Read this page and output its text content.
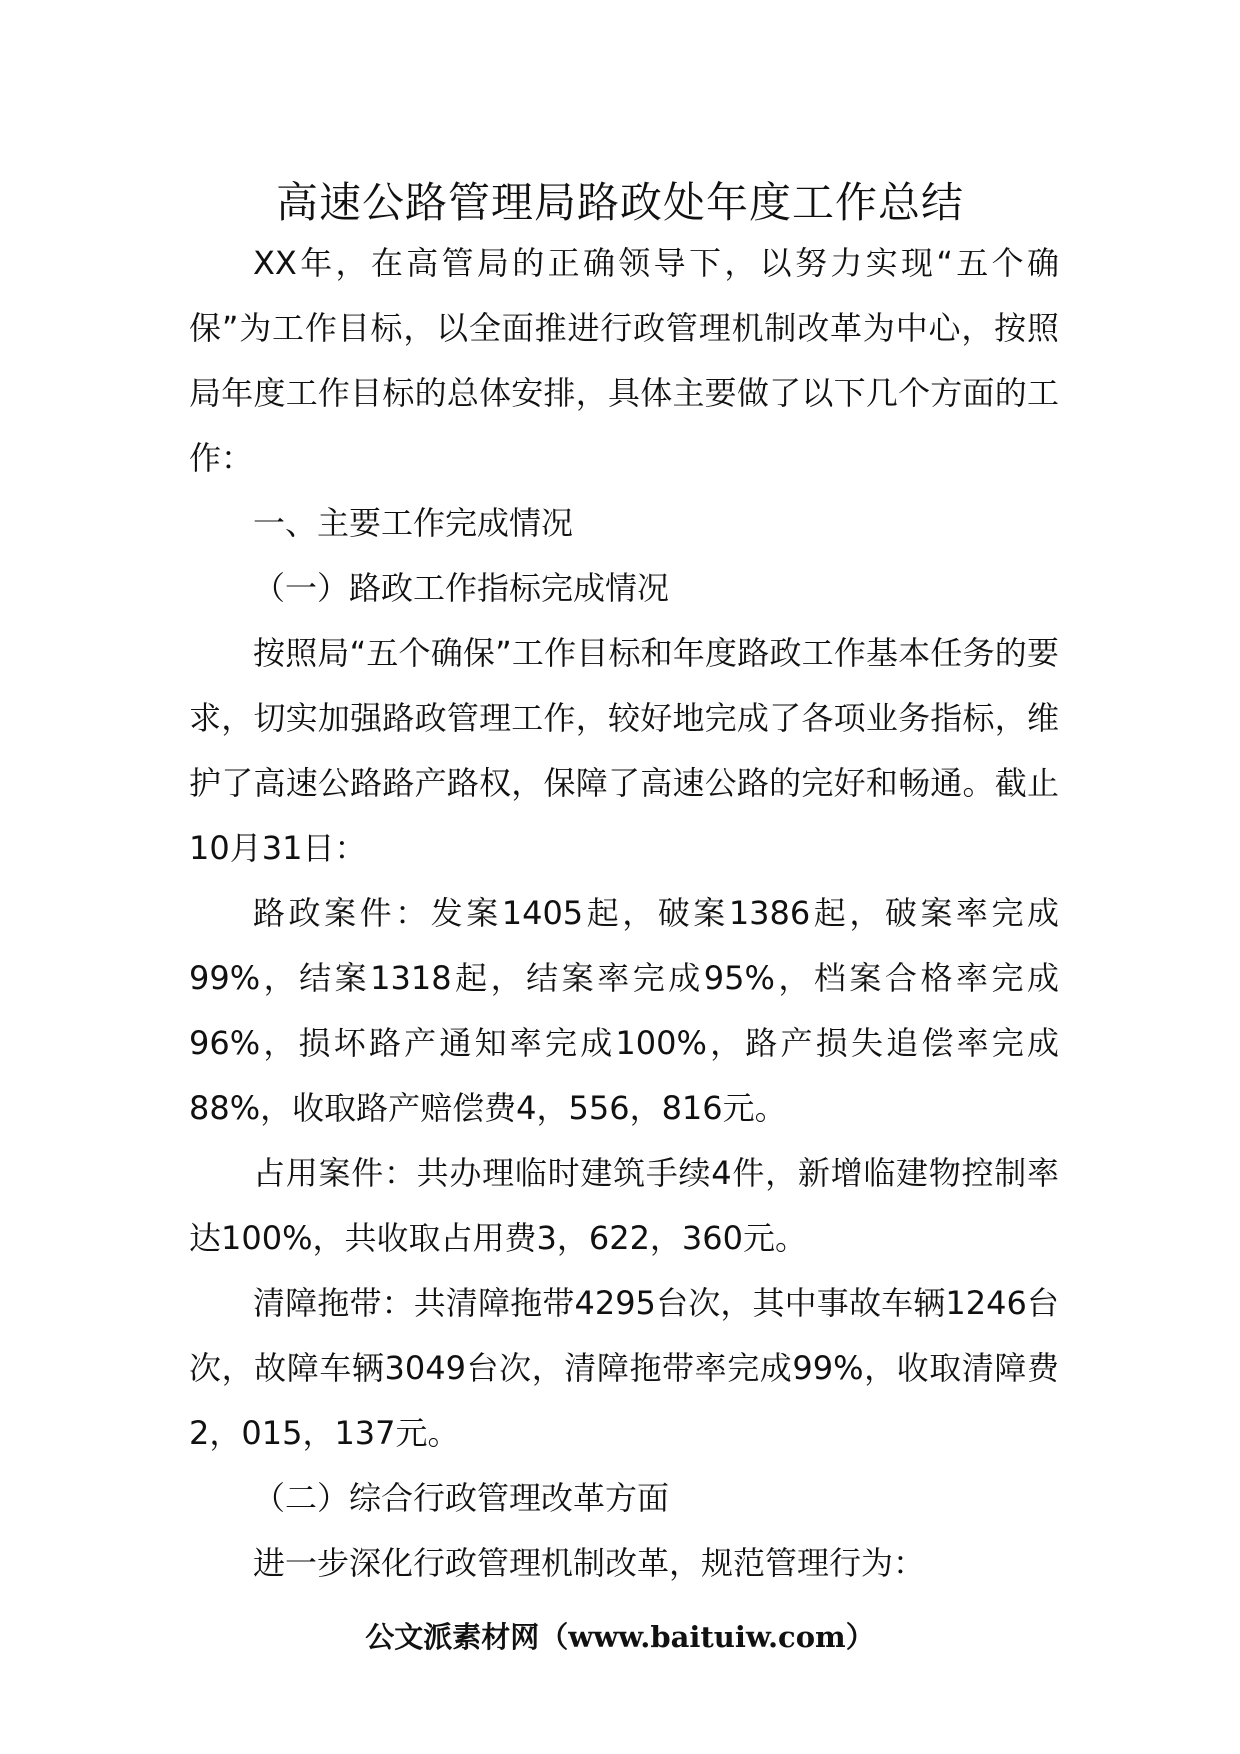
高速公路管理局路政处年度工作总结

XX年，在高管局的正确领导下，以努力实现“五个确保”为工作目标，以全面推进行政管理机制改革为中心，按照局年度工作目标的总体安排，具体主要做了以下几个方面的工作：

一、主要工作完成情况

（一）路政工作指标完成情况

按照局“五个确保”工作目标和年度路政工作基本任务的要求，切实加强路政管理工作，较好地完成了各项业务指标，维护了高速公路路产路权，保障了高速公路的完好和畅通。截止10月31日：

路政案件：发案1405起，破案1386起，破案率完成99%，结案1318起，结案率完成95%，档案合格率完成96%，损坏路产通知率完成100%，路产损失追偿率完成88%，收取路产赔偿费4，556，816元。

占用案件：共办理临时建筑手续4件，新增临建物控制率达100%，共收取占用费3，622，360元。

清障拖带：共清障拖带4295台次，其中事故车辆1246台次，故障车辆3049台次，清障拖带率完成99%，收取清障费2，015，137元。

（二）综合行政管理改革方面

进一步深化行政管理机制改革，规范管理行为：

公文派素材网（www.baituiw.com）
